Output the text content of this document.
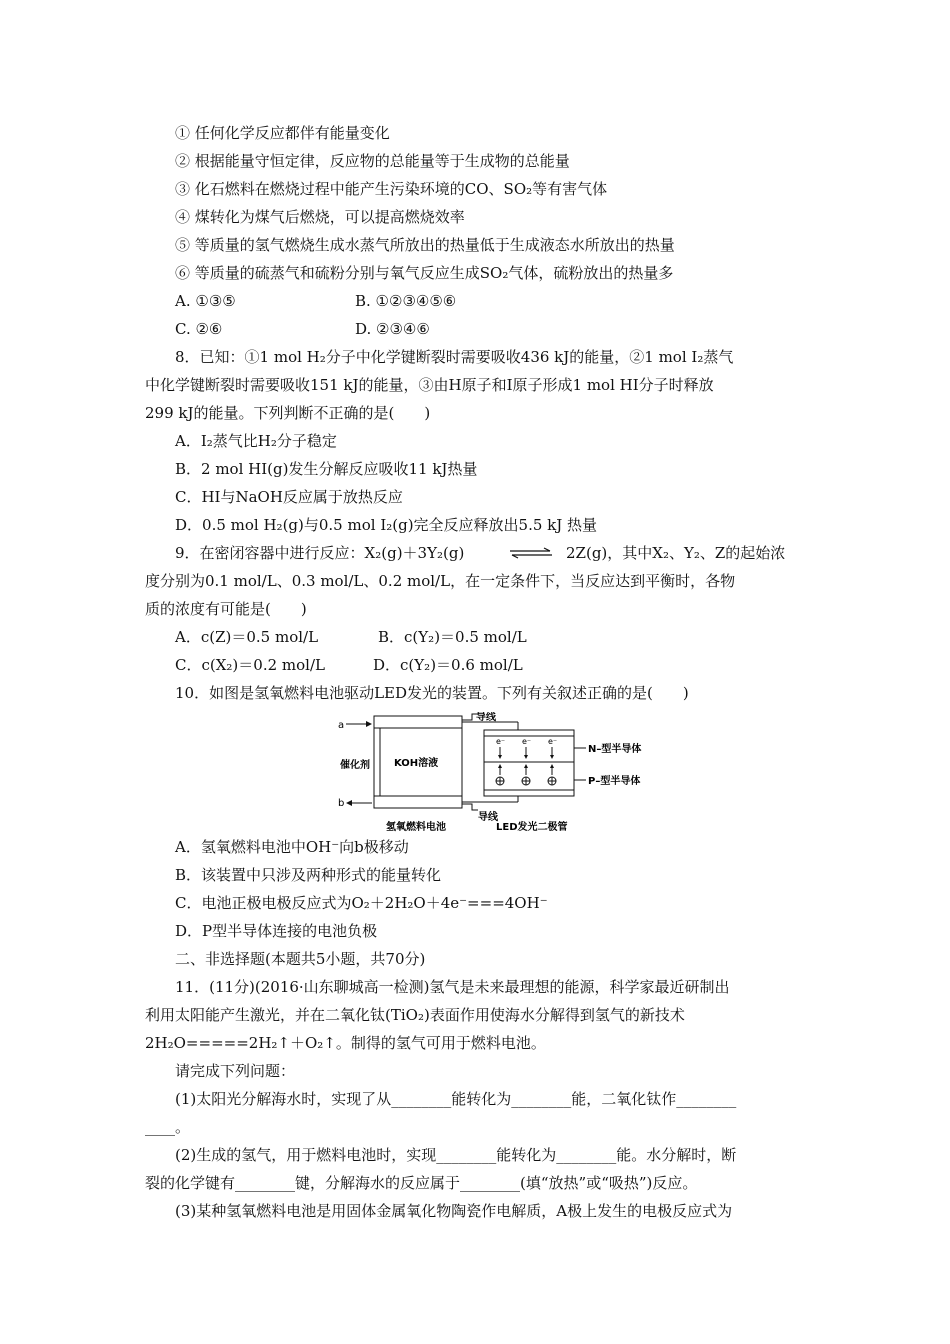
① 任何化学反应都伴有能量变化
② 根据能量守恒定律，反应物的总能量等于生成物的总能量
③ 化石燃料在燃烧过程中能产生污染环境的CO、SO₂等有害气体
④ 煤转化为煤气后燃烧，可以提高燃烧效率
⑤ 等质量的氢气燃烧生成水蒸气所放出的热量低于生成液态水所放出的热量
⑥ 等质量的硫蒸气和硫粉分别与氧气反应生成SO₂气体，硫粉放出的热量多
A. ①③⑤	B. ①②③④⑤⑥
C. ②⑥	D. ②③④⑥
8．已知：①1 mol H₂分子中化学键断裂时需要吸收436 kJ的能量，②1 mol I₂蒸气
中化学键断裂时需要吸收151 kJ的能量，③由H原子和I原子形成1 mol HI分子时释放
299 kJ的能量。下列判断不正确的是(　　)
A．I₂蒸气比H₂分子稳定
B．2 mol HI(g)发生分解反应吸收11 kJ热量
C．HI与NaOH反应属于放热反应
D．0.5 mol H₂(g)与0.5 mol I₂(g)完全反应释放出5.5 kJ 热量
9．在密闭容器中进行反应：X₂(g)＋3Y₂(g)	⇌ 2Z(g)，其中X₂、Y₂、Z的起始浓
度分别为0.1 mol/L、0.3 mol/L、0.2 mol/L，在一定条件下，当反应达到平衡时，各物
质的浓度有可能是(　　)
A．c(Z)＝0.5 mol/L	B．c(Y₂)＝0.5 mol/L
C．c(X₂)＝0.2 mol/L	D．c(Y₂)＝0.6 mol/L
10．如图是氢氧燃料电池驱动LED发光的装置。下列有关叙述正确的是(　　)
a
b
催化剂 KOH溶液
导线
导线
e⁻ e⁻ e⁻
N–型半导体
P–型半导体
氢氧燃料电池	LED发光二极管
A．氢氧燃料电池中OH⁻向b极移动
B．该装置中只涉及两种形式的能量转化
C．电池正极电极反应式为O₂＋2H₂O＋4e⁻===4OH⁻
D．P型半导体连接的电池负极
二、非选择题(本题共5小题，共70分)
11．(11分)(2016·山东聊城高一检测)氢气是未来最理想的能源，科学家最近研制出
利用太阳能产生激光，并在二氧化钛(TiO₂)表面作用使海水分解得到氢气的新技术
2H₂O=====2H₂↑＋O₂↑。制得的氢气可用于燃料电池。
请完成下列问题：
(1)太阳光分解海水时，实现了从________能转化为________能，二氧化钛作________
____。
(2)生成的氢气，用于燃料电池时，实现________能转化为________能。水分解时，断
裂的化学键有________键，分解海水的反应属于________(填“放热”或“吸热”)反应。
(3)某种氢氧燃料电池是用固体金属氧化物陶瓷作电解质，A极上发生的电极反应式为
